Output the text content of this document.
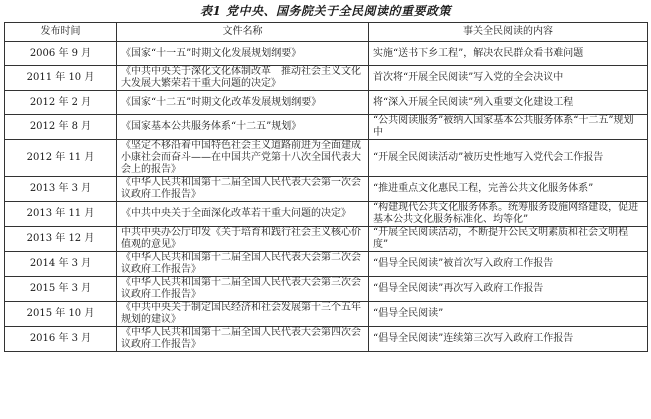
表1 党中央、国务院关于全民阅读的重要政策
发布时间	文件名称	事关全民阅读的内容
2006 年 9 月	《国家“十一五”时期文化发展规划纲要》	实施“送书下乡工程”，解决农民群众看书难问题
2011 年 10 月	《中共中央关于深化文化体制改革　推动社会主义文化大发展大繁荣若干重大问题的决定》	首次将“开展全民阅读”写入党的全会决议中
2012 年 2 月	《国家“十二五”时期文化改革发展规划纲要》	将“深入开展全民阅读”列入重要文化建设工程
2012 年 8 月	《国家基本公共服务体系“十二五”规划》	“公共阅读服务”被纳入国家基本公共服务体系“十二五”规划中
2012 年 11 月	《坚定不移沿着中国特色社会主义道路前进为全面建成小康社会而奋斗——在中国共产党第十八次全国代表大会上的报告》	“开展全民阅读活动”被历史性地写入党代会工作报告
2013 年 3 月	《中华人民共和国第十二届全国人民代表大会第一次会议政府工作报告》	“推进重点文化惠民工程，完善公共文化服务体系”
2013 年 11 月	《中共中央关于全面深化改革若干重大问题的决定》	“构建现代公共文化服务体系。统筹服务设施网络建设，促进基本公共文化服务标准化、均等化”
2013 年 12 月	中共中央办公厅印发《关于培育和践行社会主义核心价值观的意见》	“开展全民阅读活动，不断提升公民文明素质和社会文明程度”
2014 年 3 月	《中华人民共和国第十二届全国人民代表大会第二次会议政府工作报告》	“倡导全民阅读”被首次写入政府工作报告
2015 年 3 月	《中华人民共和国第十二届全国人民代表大会第三次会议政府工作报告》	“倡导全民阅读”再次写入政府工作报告
2015 年 10 月	《中共中央关于制定国民经济和社会发展第十三个五年规划的建议》	“倡导全民阅读”
2016 年 3 月	《中华人民共和国第十二届全国人民代表大会第四次会议政府工作报告》	“倡导全民阅读”连续第三次写入政府工作报告
